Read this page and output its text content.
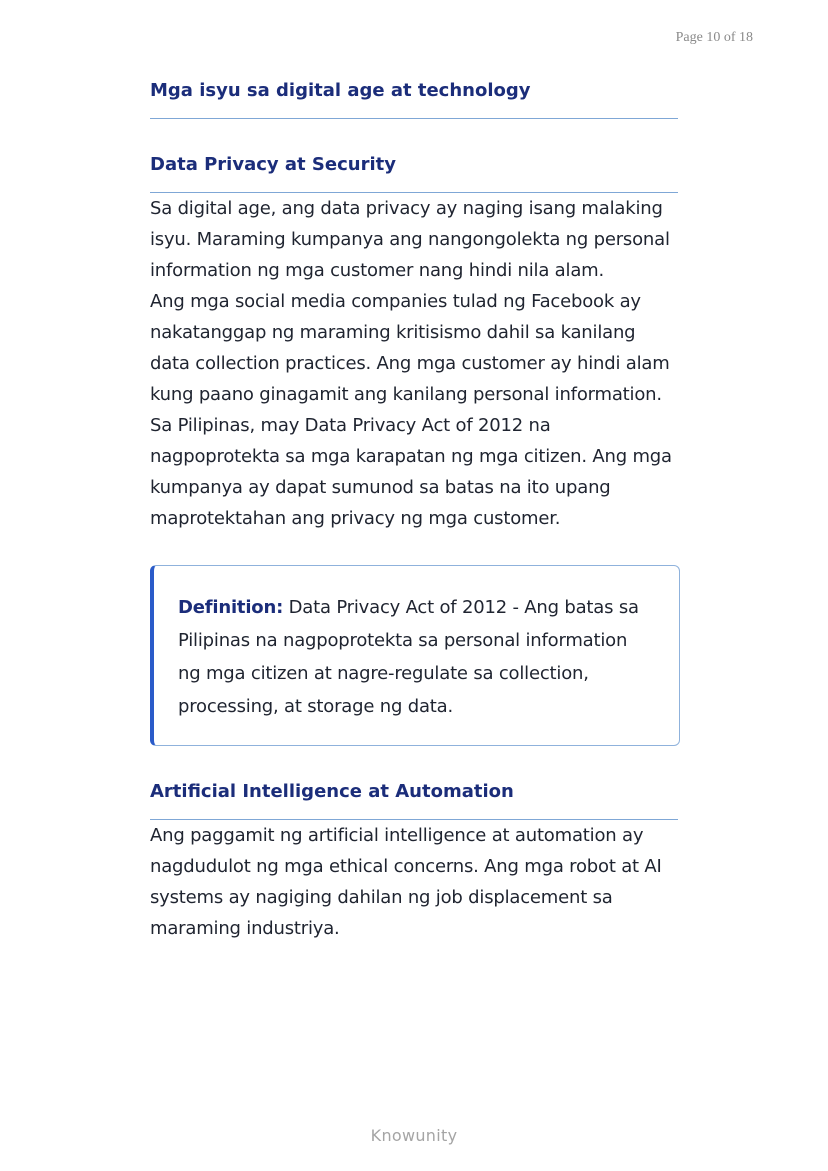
Page 10 of 18
Mga isyu sa digital age at technology
Data Privacy at Security

Sa digital age, ang data privacy ay naging isang malaking isyu. Maraming kumpanya ang nangongolekta ng personal information ng mga customer nang hindi nila alam.

Ang mga social media companies tulad ng Facebook ay nakatanggap ng maraming kritisismo dahil sa kanilang data collection practices. Ang mga customer ay hindi alam kung paano ginagamit ang kanilang personal information.

Sa Pilipinas, may Data Privacy Act of 2012 na nagpoprotekta sa mga karapatan ng mga citizen. Ang mga kumpanya ay dapat sumunod sa batas na ito upang maprotektahan ang privacy ng mga customer.

Definition: Data Privacy Act of 2012 - Ang batas sa Pilipinas na nagpoprotekta sa personal information ng mga citizen at nagre-regulate sa collection, processing, at storage ng data.

Artificial Intelligence at Automation

Ang paggamit ng artificial intelligence at automation ay nagdudulot ng mga ethical concerns. Ang mga robot at AI systems ay nagiging dahilan ng job displacement sa maraming industriya.

Knowunity
